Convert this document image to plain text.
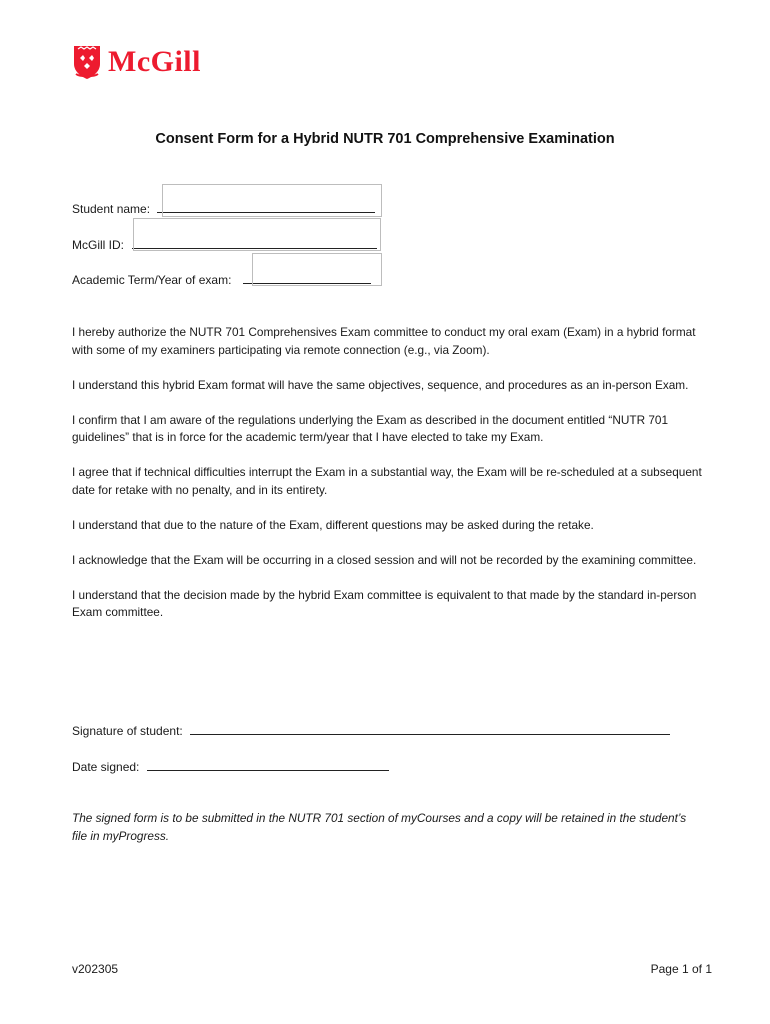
McGill
Consent Form for a Hybrid NUTR 701 Comprehensive Examination
Student name:
McGill ID:
Academic Term/Year of exam:

I hereby authorize the NUTR 701 Comprehensives Exam committee to conduct my oral exam (Exam) in a hybrid format with some of my examiners participating via remote connection (e.g., via Zoom).

I understand this hybrid Exam format will have the same objectives, sequence, and procedures as an in-person Exam.

I confirm that I am aware of the regulations underlying the Exam as described in the document entitled “NUTR 701 guidelines” that is in force for the academic term/year that I have elected to take my Exam.

I agree that if technical difficulties interrupt the Exam in a substantial way, the Exam will be re-scheduled at a subsequent date for retake with no penalty, and in its entirety.

I understand that due to the nature of the Exam, different questions may be asked during the retake.

I acknowledge that the Exam will be occurring in a closed session and will not be recorded by the examining committee.

I understand that the decision made by the hybrid Exam committee is equivalent to that made by the standard in-person Exam committee.

Signature of student:
Date signed:
The signed form is to be submitted in the NUTR 701 section of myCourses and a copy will be retained in the student’s file in myProgress.
v202305	Page 1 of 1
